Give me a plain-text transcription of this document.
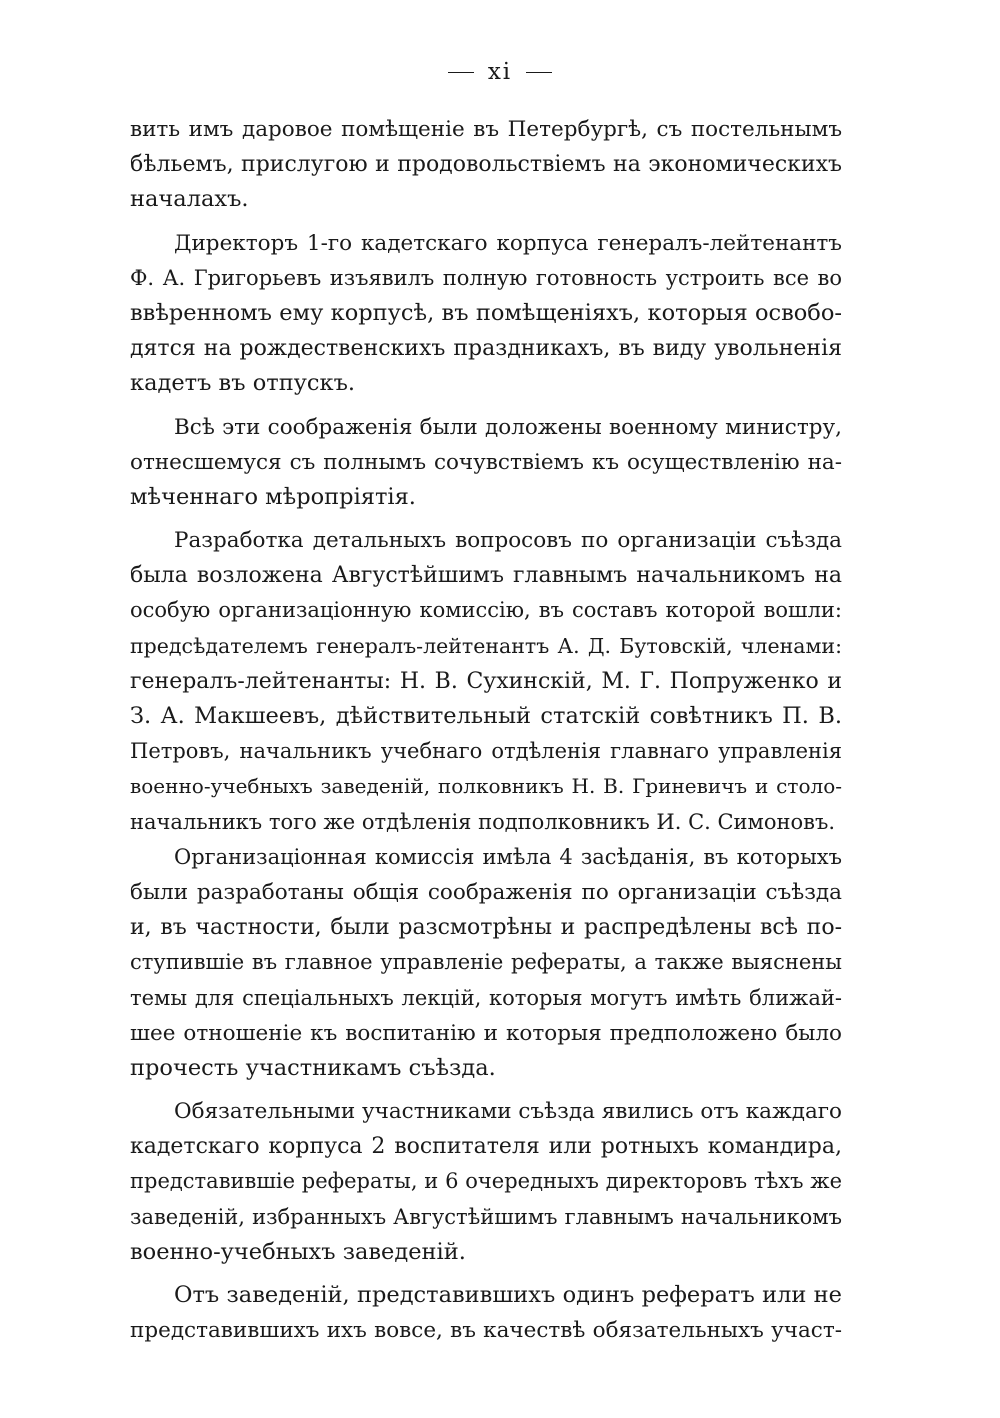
xi
вить имъ даровое помѣщеніе въ Петербургѣ, съ постельнымъ
бѣльемъ, прислугою и продовольствіемъ на экономическихъ
началахъ.
Директоръ 1-го кадетскаго корпуса генералъ-лейтенантъ
Ф. А. Григорьевъ изъявилъ полную готовность устроить все во
ввѣренномъ ему корпусѣ, въ помѣщеніяхъ, которыя освобо-
дятся на рождественскихъ праздникахъ, въ виду увольненія
кадетъ въ отпускъ.
Всѣ эти соображенія были доложены военному министру,
отнесшемуся съ полнымъ сочувствіемъ къ осуществленію на-
мѣченнаго мѣропріятія.
Разработка детальныхъ вопросовъ по организаціи съѣзда
была возложена Августѣйшимъ главнымъ начальникомъ на
особую организаціонную комиссію, въ составъ которой вошли:
предсѣдателемъ генералъ-лейтенантъ А. Д. Бутовскій, членами:
генералъ-лейтенанты: Н. В. Сухинскій, М. Г. Попруженко и
З. А. Макшеевъ, дѣйствительный статскій совѣтникъ П. В.
Петровъ, начальникъ учебнаго отдѣленія главнаго управленія
военно-учебныхъ заведеній, полковникъ Н. В. Гриневичъ и столо-
начальникъ того же отдѣленія подполковникъ И. С. Симоновъ.
Организаціонная комиссія имѣла 4 засѣданія, въ которыхъ
были разработаны общія соображенія по организаціи съѣзда
и, въ частности, были разсмотрѣны и распредѣлены всѣ по-
ступившіе въ главное управленіе рефераты, а также выяснены
темы для спеціальныхъ лекцій, которыя могутъ имѣть ближай-
шее отношеніе къ воспитанію и которыя предположено было
прочесть участникамъ съѣзда.
Обязательными участниками съѣзда явились отъ каждаго
кадетскаго корпуса 2 воспитателя или ротныхъ командира,
представившіе рефераты, и 6 очередныхъ директоровъ тѣхъ же
заведеній, избранныхъ Августѣйшимъ главнымъ начальникомъ
военно-учебныхъ заведеній.
Отъ заведеній, представившихъ одинъ рефератъ или не
представившихъ ихъ вовсе, въ качествѣ обязательныхъ участ-
